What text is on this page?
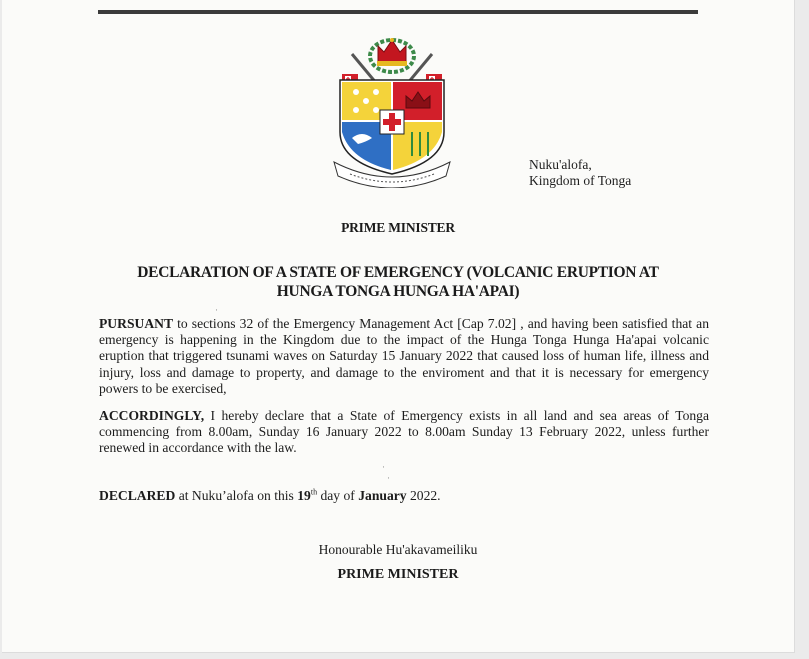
Nuku'alofa,
Kingdom of Tonga
PRIME MINISTER
DECLARATION OF A STATE OF EMERGENCY (VOLCANIC ERUPTION AT
HUNGA TONGA HUNGA HA'APAI)
PURSUANT to sections 32 of the Emergency Management Act [Cap 7.02] , and having been satisfied that an emergency is happening in the Kingdom due to the impact of the Hunga Tonga Hunga Ha'apai volcanic eruption that triggered tsunami waves on Saturday 15 January 2022 that caused loss of human life, illness and injury, loss and damage to property, and damage to the enviroment and that it is necessary for emergency powers to be exercised,
ACCORDINGLY, I hereby declare that a State of Emergency exists in all land and sea areas of Tonga commencing from 8.00am, Sunday 16 January 2022 to 8.00am Sunday 13 February 2022, unless further renewed in accordance with the law.
DECLARED at Nuku’alofa on this 19th day of January 2022.
Honourable Hu'akavameiliku
PRIME MINISTER
·
·
·
